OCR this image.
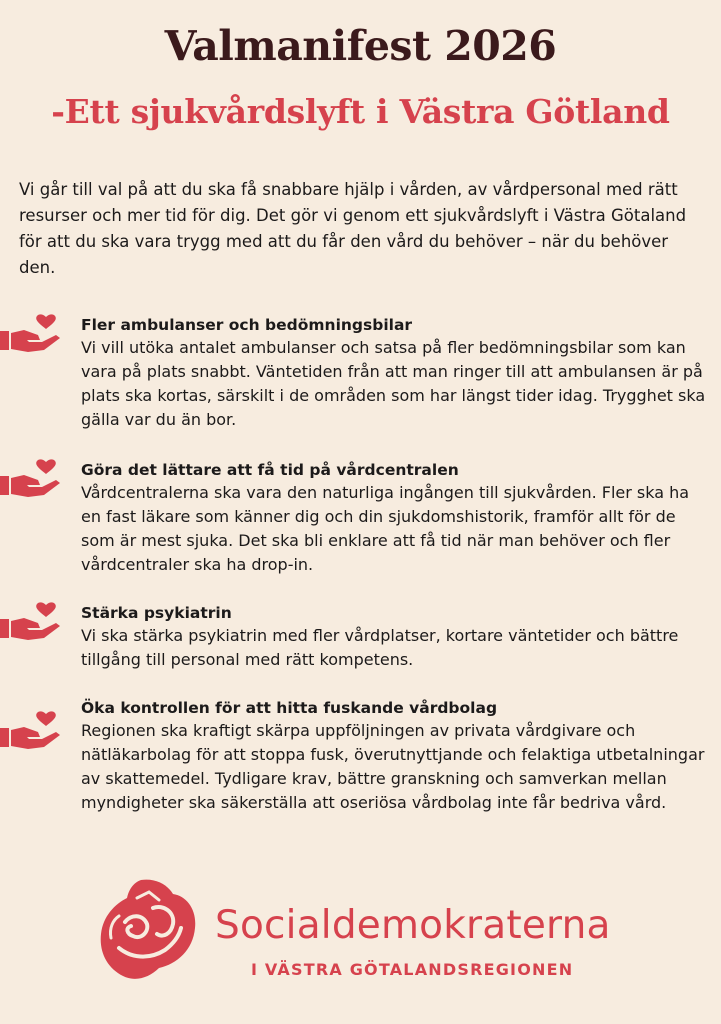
Valmanifest 2026
-Ett sjukvårdslyft i Västra Götland

Vi går till val på att du ska få snabbare hjälp i vården, av vårdpersonal med rätt resurser och mer tid för dig. Det gör vi genom ett sjukvårdslyft i Västra Götaland för att du ska vara trygg med att du får den vård du behöver – när du behöver den.

Fler ambulanser och bedömningsbilar

Vi vill utöka antalet ambulanser och satsa på fler bedömningsbilar som kan vara på plats snabbt. Väntetiden från att man ringer till att ambulansen är på plats ska kortas, särskilt i de områden som har längst tider idag. Trygghet ska gälla var du än bor.

Göra det lättare att få tid på vårdcentralen

Vårdcentralerna ska vara den naturliga ingången till sjukvården. Fler ska ha en fast läkare som känner dig och din sjukdomshistorik, framför allt för de som är mest sjuka. Det ska bli enklare att få tid när man behöver och fler vårdcentraler ska ha drop-in.

Stärka psykiatrin

Vi ska stärka psykiatrin med fler vårdplatser, kortare väntetider och bättre tillgång till personal med rätt kompetens.

Öka kontrollen för att hitta fuskande vårdbolag

Regionen ska kraftigt skärpa uppföljningen av privata vårdgivare och nätläkarbolag för att stoppa fusk, överutnyttjande och felaktiga utbetalningar av skattemedel. Tydligare krav, bättre granskning och samverkan mellan myndigheter ska säkerställa att oseriösa vårdbolag inte får bedriva vård.

Socialdemokraterna
I VÄSTRA GÖTALANDSREGIONEN
